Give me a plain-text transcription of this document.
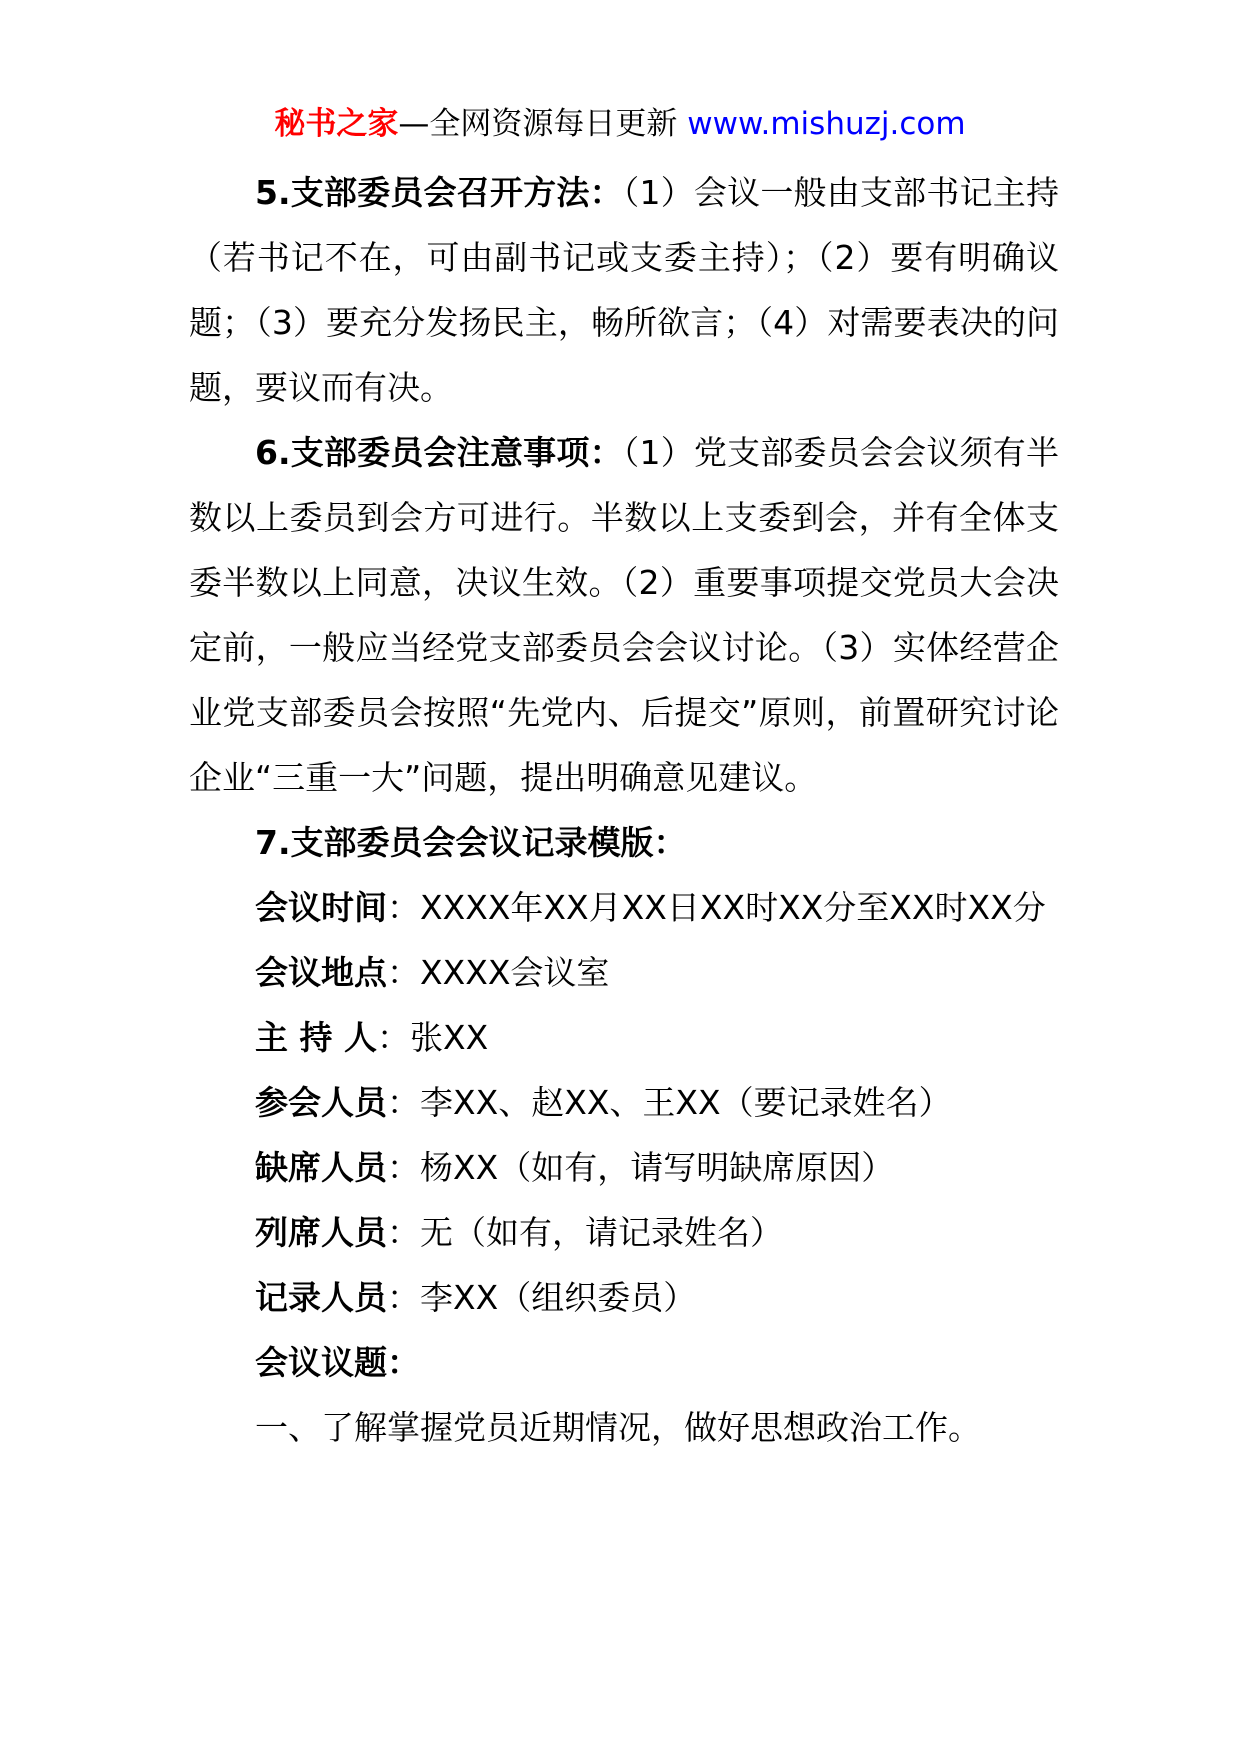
秘书之家—全网资源每日更新 www.mishuzj.com

5.支部委员会召开方法：（1）会议一般由支部书记主持（若书记不在，可由副书记或支委主持）；（2）要有明确议题；（3）要充分发扬民主，畅所欲言；（4）对需要表决的问题，要议而有决。

6.支部委员会注意事项：（1）党支部委员会会议须有半数以上委员到会方可进行。半数以上支委到会，并有全体支委半数以上同意，决议生效。（2）重要事项提交党员大会决定前，一般应当经党支部委员会会议讨论。（3）实体经营企业党支部委员会按照“先党内、后提交”原则，前置研究讨论企业“三重一大”问题，提出明确意见建议。

7.支部委员会会议记录模版：

会议时间：XXXX年XX月XX日XX时XX分至XX时XX分

会议地点：XXXX会议室

主 持 人：张XX

参会人员：李XX、赵XX、王XX（要记录姓名）

缺席人员：杨XX（如有，请写明缺席原因）

列席人员：无（如有，请记录姓名）

记录人员：李XX（组织委员）

会议议题：

一、了解掌握党员近期情况，做好思想政治工作。
